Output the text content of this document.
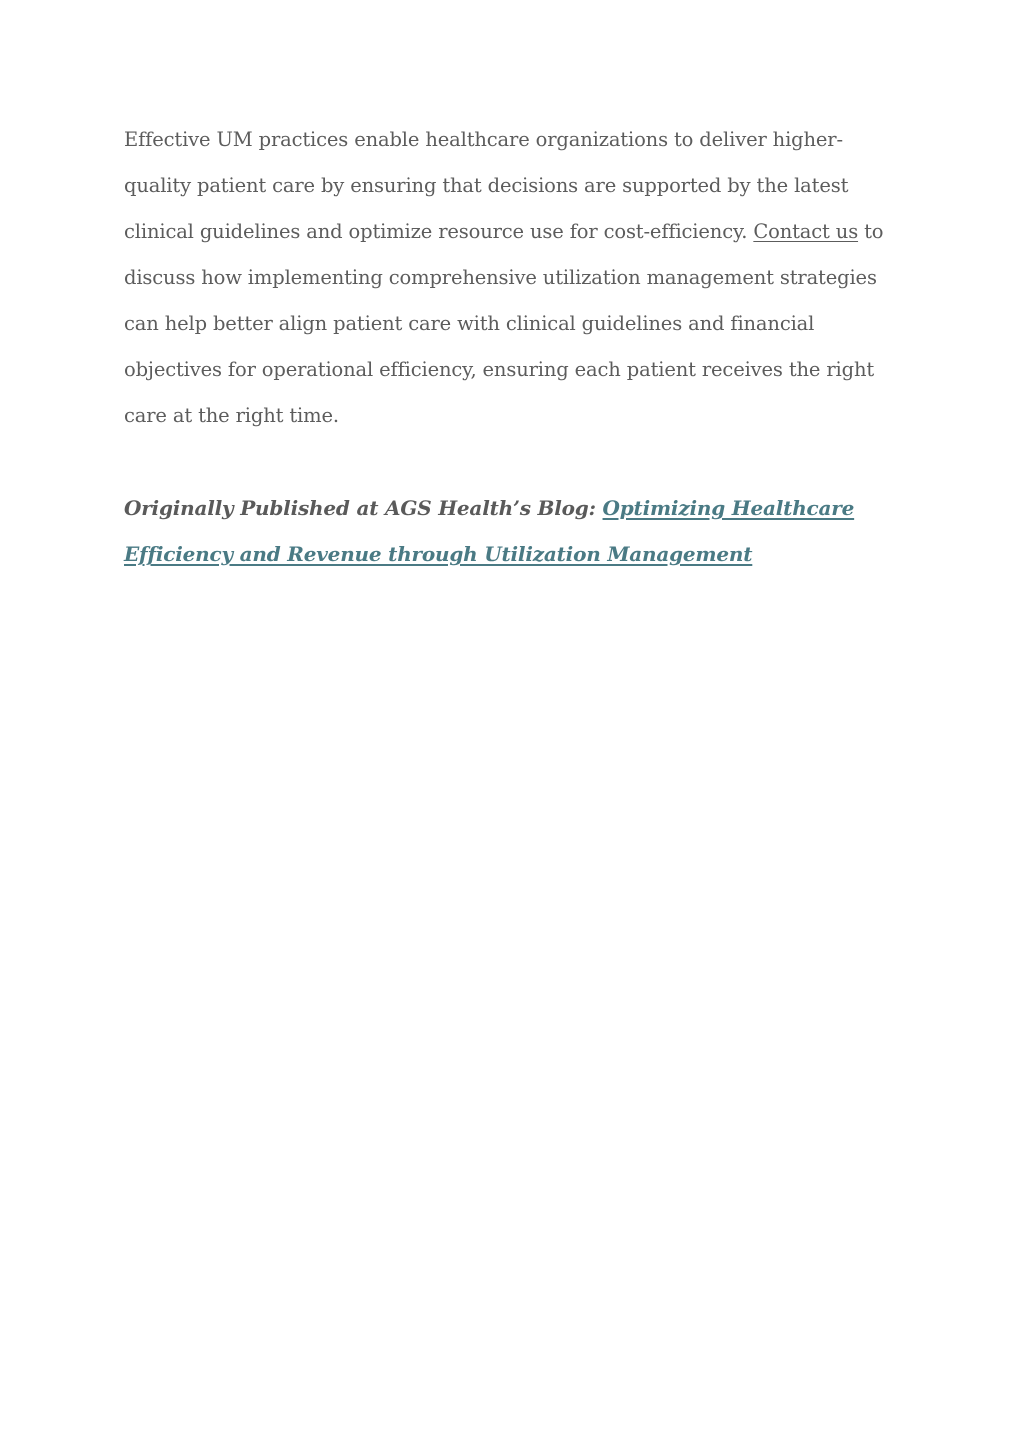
Effective UM practices enable healthcare organizations to deliver higher-
quality patient care by ensuring that decisions are supported by the latest
clinical guidelines and optimize resource use for cost-efficiency. Contact us to
discuss how implementing comprehensive utilization management strategies
can help better align patient care with clinical guidelines and financial
objectives for operational efficiency, ensuring each patient receives the right
care at the right time.

Originally Published at AGS Health’s Blog: Optimizing Healthcare
Efficiency and Revenue through Utilization Management
